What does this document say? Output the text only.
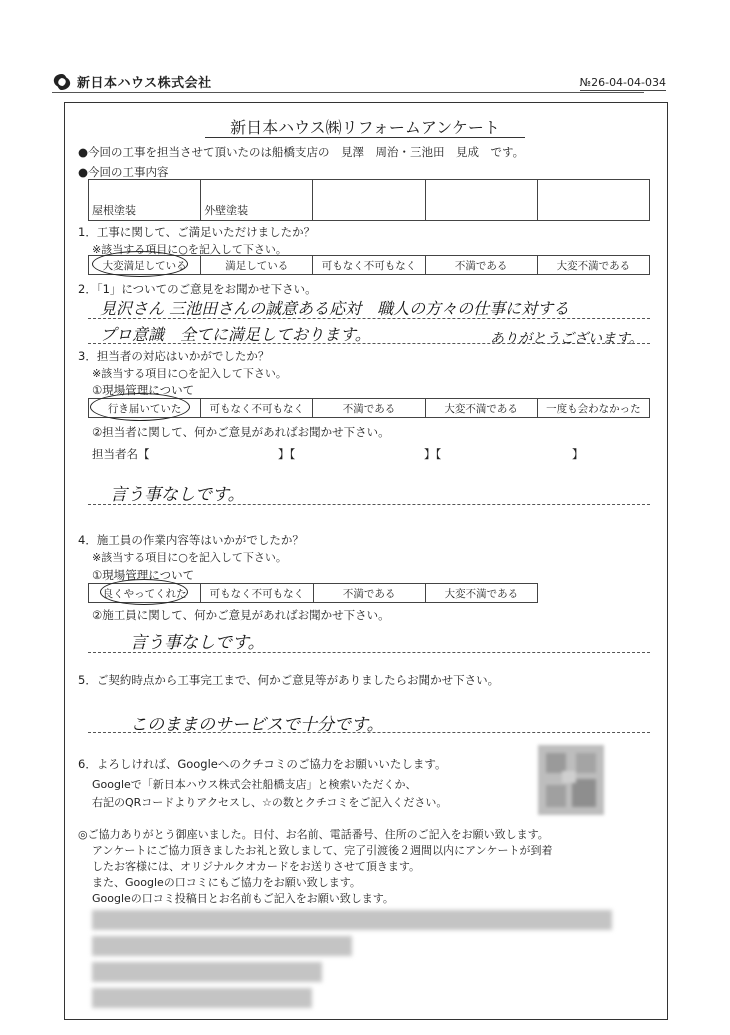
新日本ハウス株式会社	№26-04-04-034
新日本ハウス㈱リフォームアンケート
●今回の工事を担当させて頂いたのは船橋支店の　見澤　周治・三池田　見成　です。
●今回の工事内容
屋根塗装	外壁塗装			
1．工事に関して、ご満足いただけましたか？
※該当する項目に○を記入して下さい。
大変満足している	満足している	可もなく不可もなく	不満である	大変不満である
2．「1」についてのご意見をお聞かせ下さい。
見沢さん 三池田さんの誠意ある応対　職人の方々の仕事に対する
プロ意識　全てに満足しております。	ありがとうございます。
3．担当者の対応はいかがでしたか？
※該当する項目に○を記入して下さい。
①現場管理について
行き届いていた	可もなく不可もなく	不満である	大変不満である	一度も会わなかった
②担当者に関して、何かご意見があればお聞かせ下さい。
担当者名【	】【	】【	】
言う事なしです。
4．施工員の作業内容等はいかがでしたか？
※該当する項目に○を記入して下さい。
①現場管理について
良くやってくれた	可もなく不可もなく	不満である	大変不満である
②施工員に関して、何かご意見があればお聞かせ下さい。
言う事なしです。
5．ご契約時点から工事完工まで、何かご意見等がありましたらお聞かせ下さい。
このままのサービスで十分です。
6．よろしければ、Googleへのクチコミのご協力をお願いいたします。
Googleで「新日本ハウス株式会社船橋支店」と検索いただくか、
右記のQRコードよりアクセスし、☆の数とクチコミをご記入ください。
◎ご協力ありがとう御座いました。日付、お名前、電話番号、住所のご記入をお願い致します。
アンケートにご協力頂きましたお礼と致しまして、完了引渡後２週間以内にアンケートが到着
したお客様には、オリジナルクオカードをお送りさせて頂きます。
また、Googleの口コミにもご協力をお願い致します。
Googleの口コミ投稿日とお名前もご記入をお願い致します。
